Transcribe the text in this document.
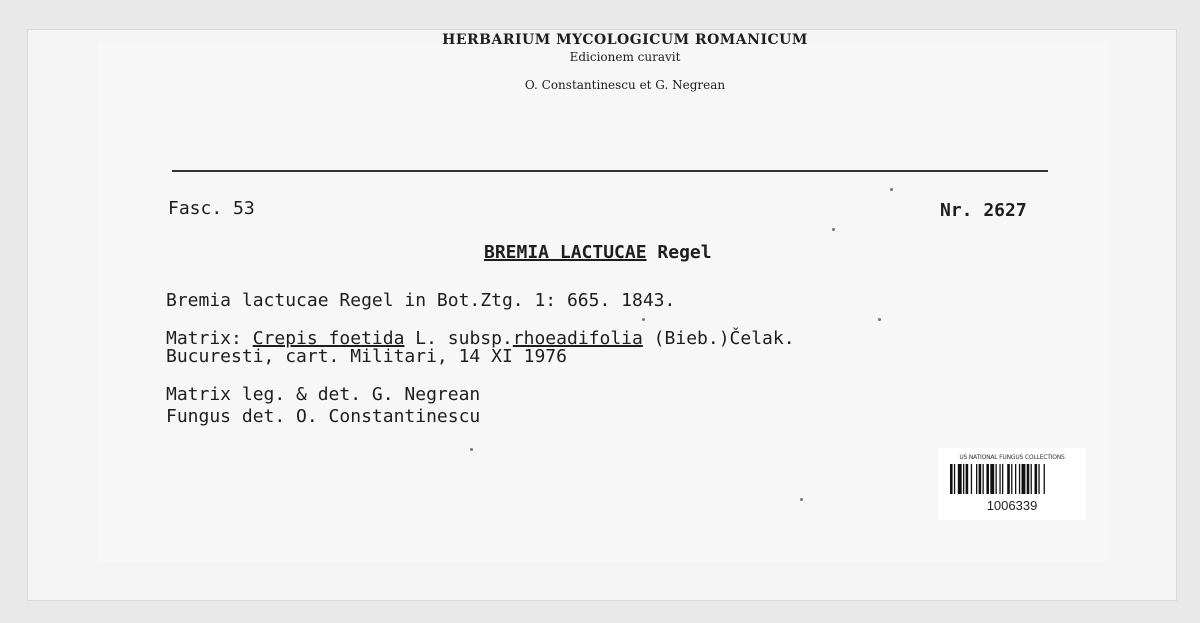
HERBARIUM MYCOLOGICUM ROMANICUM
Edicionem curavit
O. Constantinescu et G. Negrean
Fasc. 53	Nr. 2627
BREMIA LACTUCAE Regel
Bremia lactucae Regel in Bot.Ztg. 1: 665. 1843.
Matrix: Crepis foetida L. subsp.rhoeadifolia (Bieb.)Čelak.
Bucuresti, cart. Militari, 14 XI 1976
Matrix leg. & det. G. Negrean
Fungus det. O. Constantinescu
US NATIONAL FUNGUS COLLECTIONS
1006339
